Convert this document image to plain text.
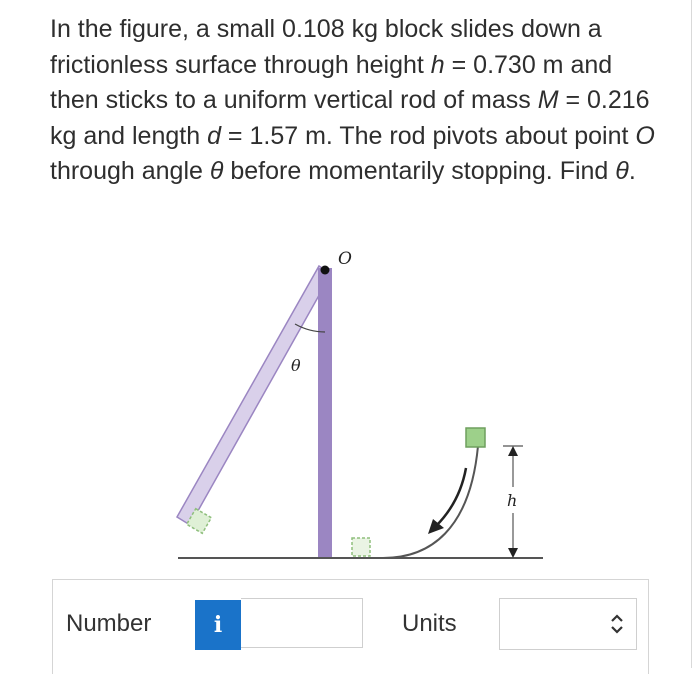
In the figure, a small 0.108 kg block slides down a frictionless surface through height h = 0.730 m and then sticks to a uniform vertical rod of mass M = 0.216 kg and length d = 1.57 m. The rod pivots about point O through angle θ before momentarily stopping. Find θ.

O
θ
h
Number	i	Units
